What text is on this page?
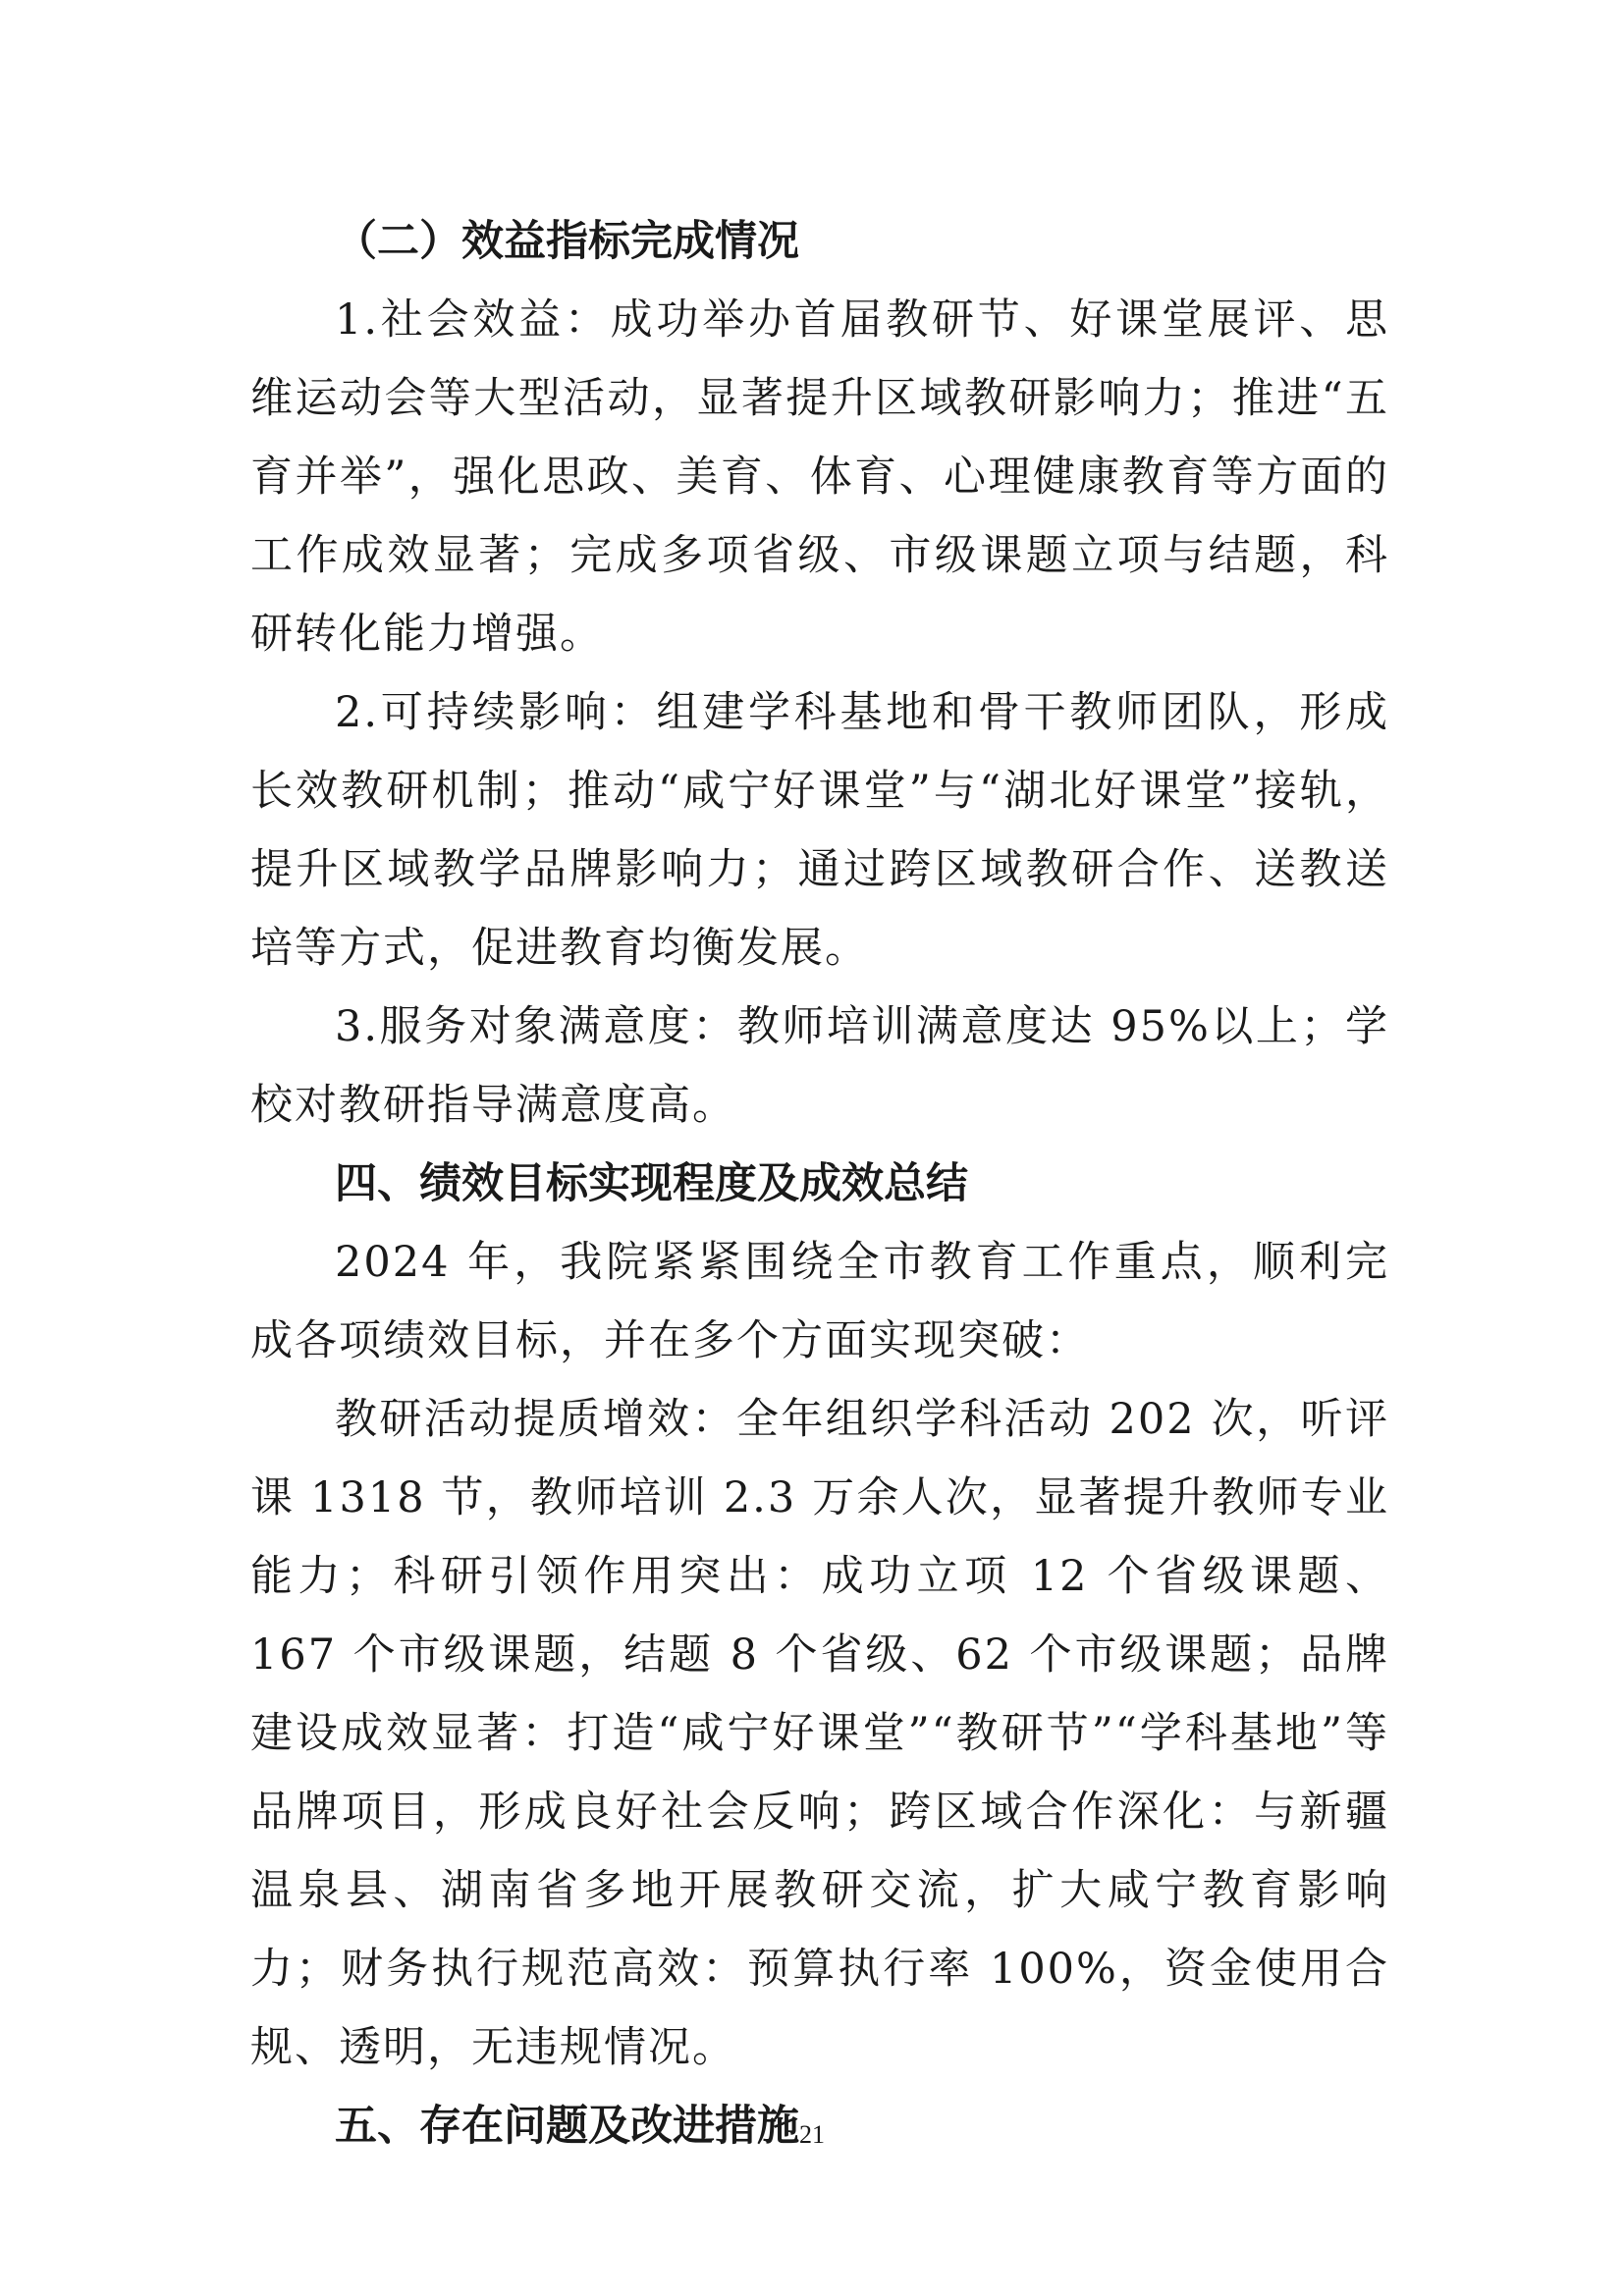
（二）效益指标完成情况

1.社会效益：成功举办首届教研节、好课堂展评、思维运动会等大型活动，显著提升区域教研影响力；推进“五育并举”，强化思政、美育、体育、心理健康教育等方面的工作成效显著；完成多项省级、市级课题立项与结题，科研转化能力增强。

2.可持续影响：组建学科基地和骨干教师团队，形成长效教研机制；推动“咸宁好课堂”与“湖北好课堂”接轨，提升区域教学品牌影响力；通过跨区域教研合作、送教送培等方式，促进教育均衡发展。

3.服务对象满意度：教师培训满意度达 95%以上；学校对教研指导满意度高。

四、绩效目标实现程度及成效总结

2024 年，我院紧紧围绕全市教育工作重点，顺利完成各项绩效目标，并在多个方面实现突破：

教研活动提质增效：全年组织学科活动 202 次，听评课 1318 节，教师培训 2.3 万余人次，显著提升教师专业能力；科研引领作用突出：成功立项 12 个省级课题、167 个市级课题，结题 8 个省级、62 个市级课题；品牌建设成效显著：打造“咸宁好课堂”“教研节”“学科基地”等品牌项目，形成良好社会反响；跨区域合作深化：与新疆温泉县、湖南省多地开展教研交流，扩大咸宁教育影响力；财务执行规范高效：预算执行率 100%，资金使用合规、透明，无违规情况。

五、存在问题及改进措施 21
